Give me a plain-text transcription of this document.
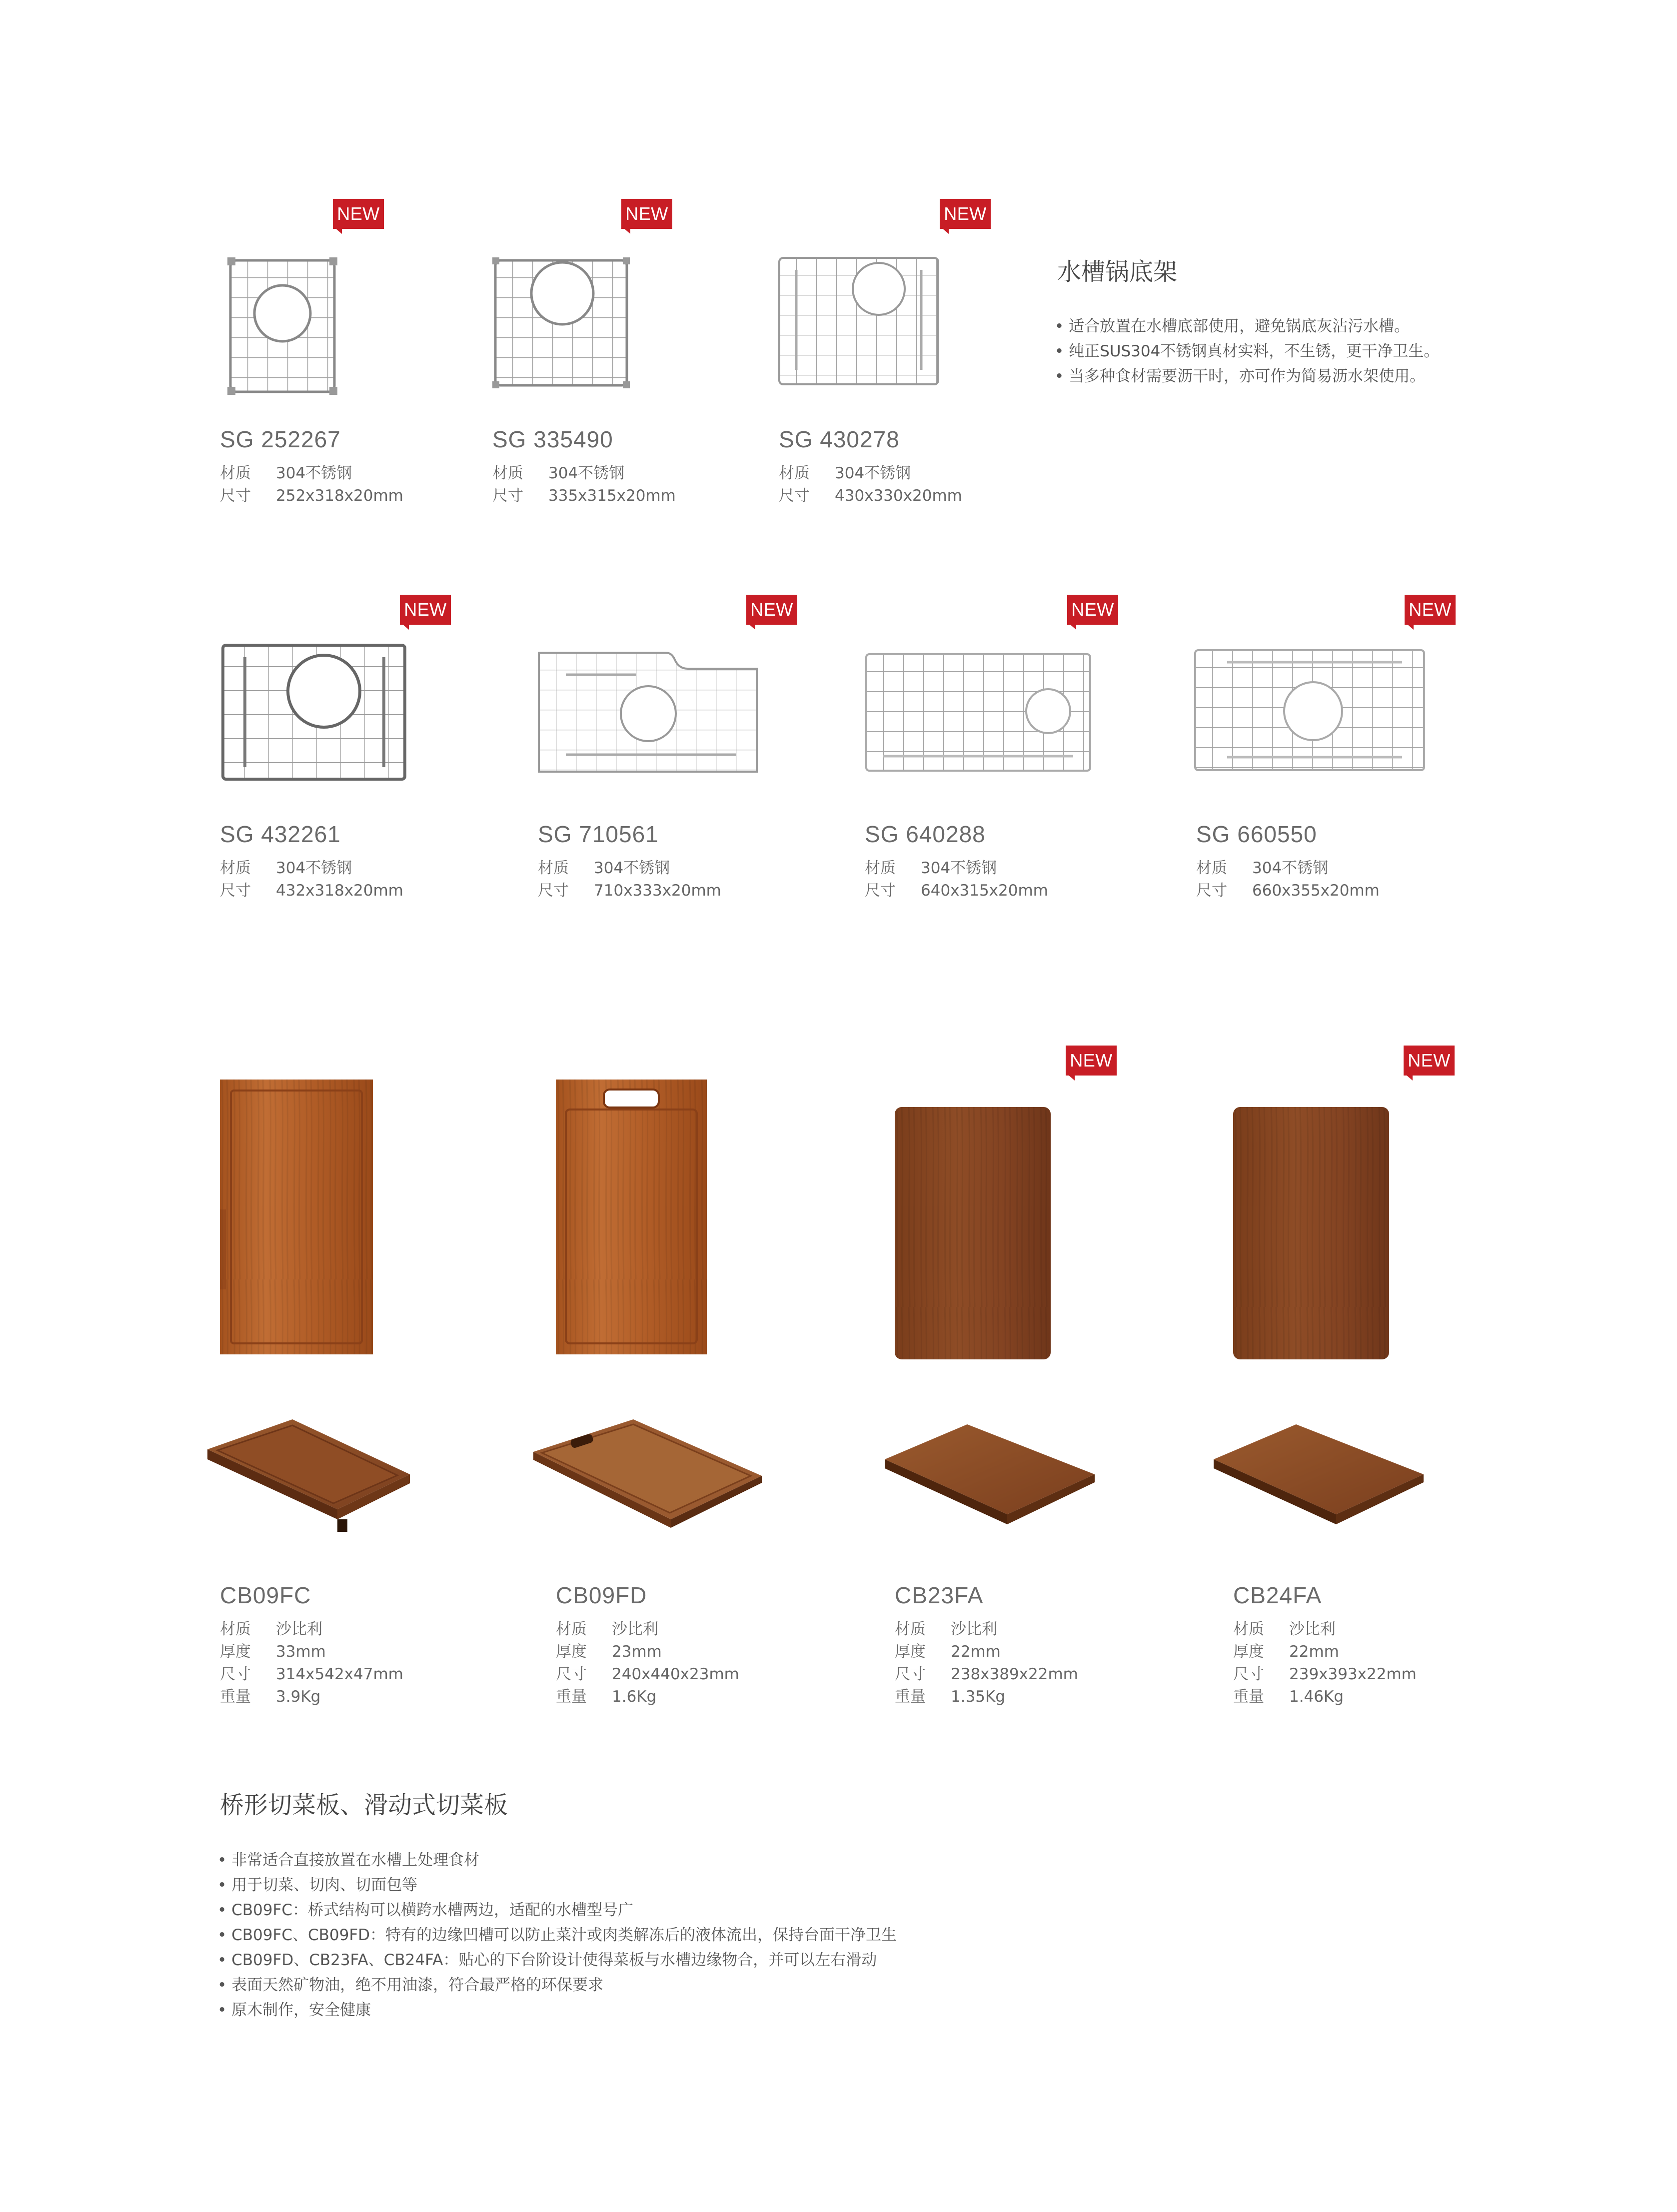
NEW
SG 252267
材质	304不锈钢
尺寸	252x318x20mm
NEW
SG 335490
材质	304不锈钢
尺寸	335x315x20mm
NEW
SG 430278
材质	304不锈钢
尺寸	430x330x20mm
水槽锅底架
• 适合放置在水槽底部使用，避免锅底灰沾污水槽。
• 纯正SUS304不锈钢真材实料，不生锈，更干净卫生。
• 当多种食材需要沥干时，亦可作为简易沥水架使用。
NEW
SG 432261
材质	304不锈钢
尺寸	432x318x20mm
NEW
SG 710561
材质	304不锈钢
尺寸	710x333x20mm
NEW
SG 640288
材质	304不锈钢
尺寸	640x315x20mm
NEW
SG 660550
材质	304不锈钢
尺寸	660x355x20mm
CB09FC
材质	沙比利
厚度	33mm
尺寸	314x542x47mm
重量	3.9Kg
CB09FD
材质	沙比利
厚度	23mm
尺寸	240x440x23mm
重量	1.6Kg
NEW
CB23FA
材质	沙比利
厚度	22mm
尺寸	238x389x22mm
重量	1.35Kg
NEW
CB24FA
材质	沙比利
厚度	22mm
尺寸	239x393x22mm
重量	1.46Kg
桥形切菜板、滑动式切菜板
• 非常适合直接放置在水槽上处理食材
• 用于切菜、切肉、切面包等
• CB09FC：桥式结构可以横跨水槽两边，适配的水槽型号广
• CB09FC、CB09FD：特有的边缘凹槽可以防止菜汁或肉类解冻后的液体流出，保持台面干净卫生
• CB09FD、CB23FA、CB24FA：贴心的下台阶设计使得菜板与水槽边缘物合，并可以左右滑动
• 表面天然矿物油，绝不用油漆，符合最严格的环保要求
• 原木制作，安全健康
